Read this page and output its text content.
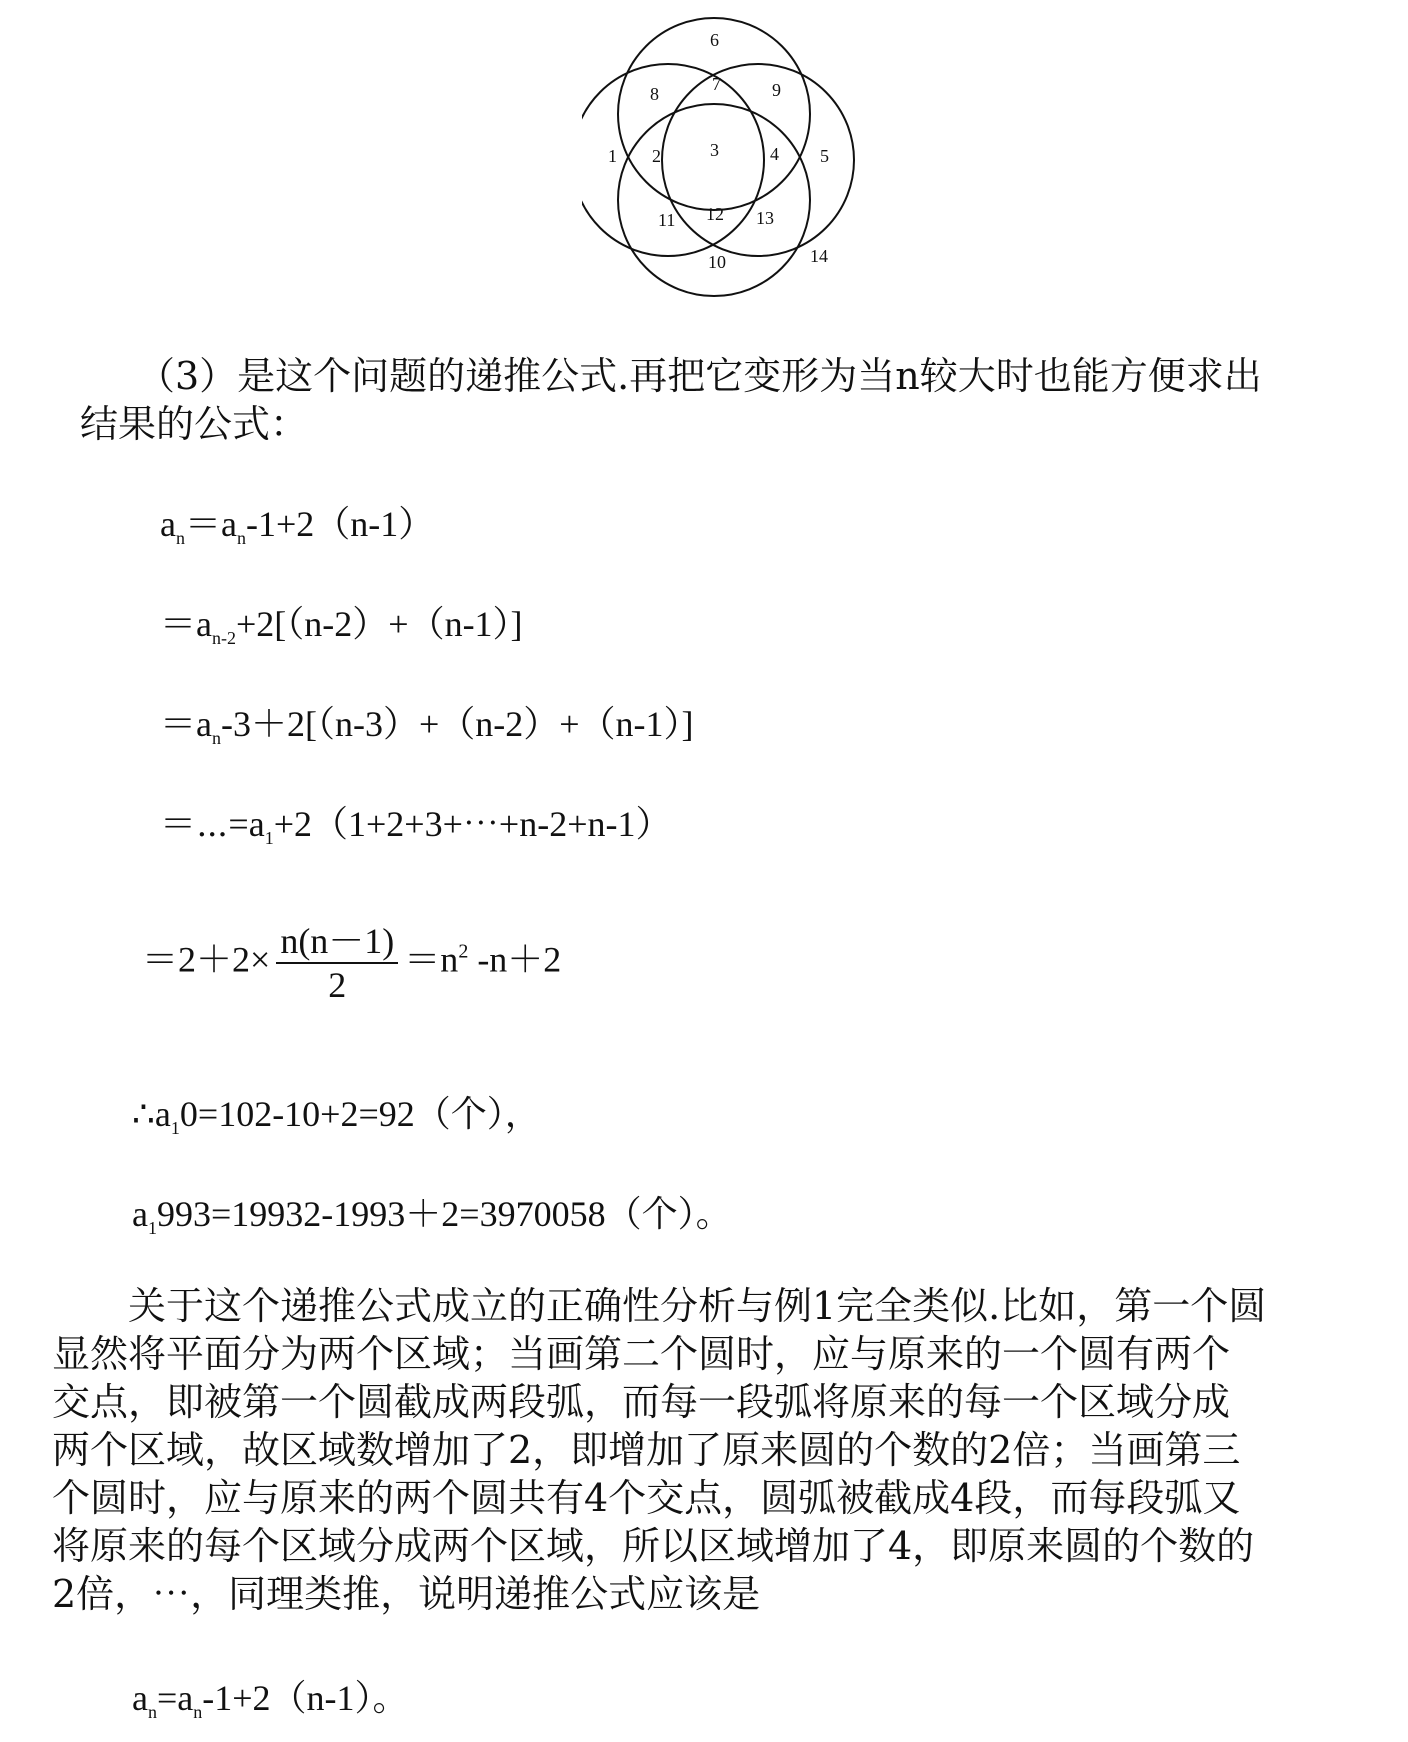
6
7
8	9
1 2	3	4 5
11 12 13
10	14
　　（3）是这个问题的递推公式.再把它变形为当n较大时也能方便求出
结果的公式：
$a_n=a_n-1+2(n-1)$
$=a_{n-2}+2[(n-2)+(n-1)]$
$=a_n-3+2[(n-3)+(n-2)+(n-1)]$
$=\cdots=a_1+2(1+2+3+\cdots+n-2+n-1)$
$=2+2\times \frac{n(n-1)}{2} =n^2$ -n＋2
$\therefore a_10=102-10+2=92$（个），
$a_1993=19932-1993+2=3970058$（个）。
　　关于这个递推公式成立的正确性分析与例1完全类似.比如，第一个圆
显然将平面分为两个区域；当画第二个圆时，应与原来的一个圆有两个
交点，即被第一个圆截成两段弧，而每一段弧将原来的每一个区域分成
两个区域，故区域数增加了2，即增加了原来圆的个数的2倍；当画第三
个圆时，应与原来的两个圆共有4个交点，圆弧被截成4段，而每段弧又
将原来的每个区域分成两个区域，所以区域增加了4，即原来圆的个数的
2倍，⋯，同理类推，说明递推公式应该是
$a_n=a_n-1+2(n-1)$。
